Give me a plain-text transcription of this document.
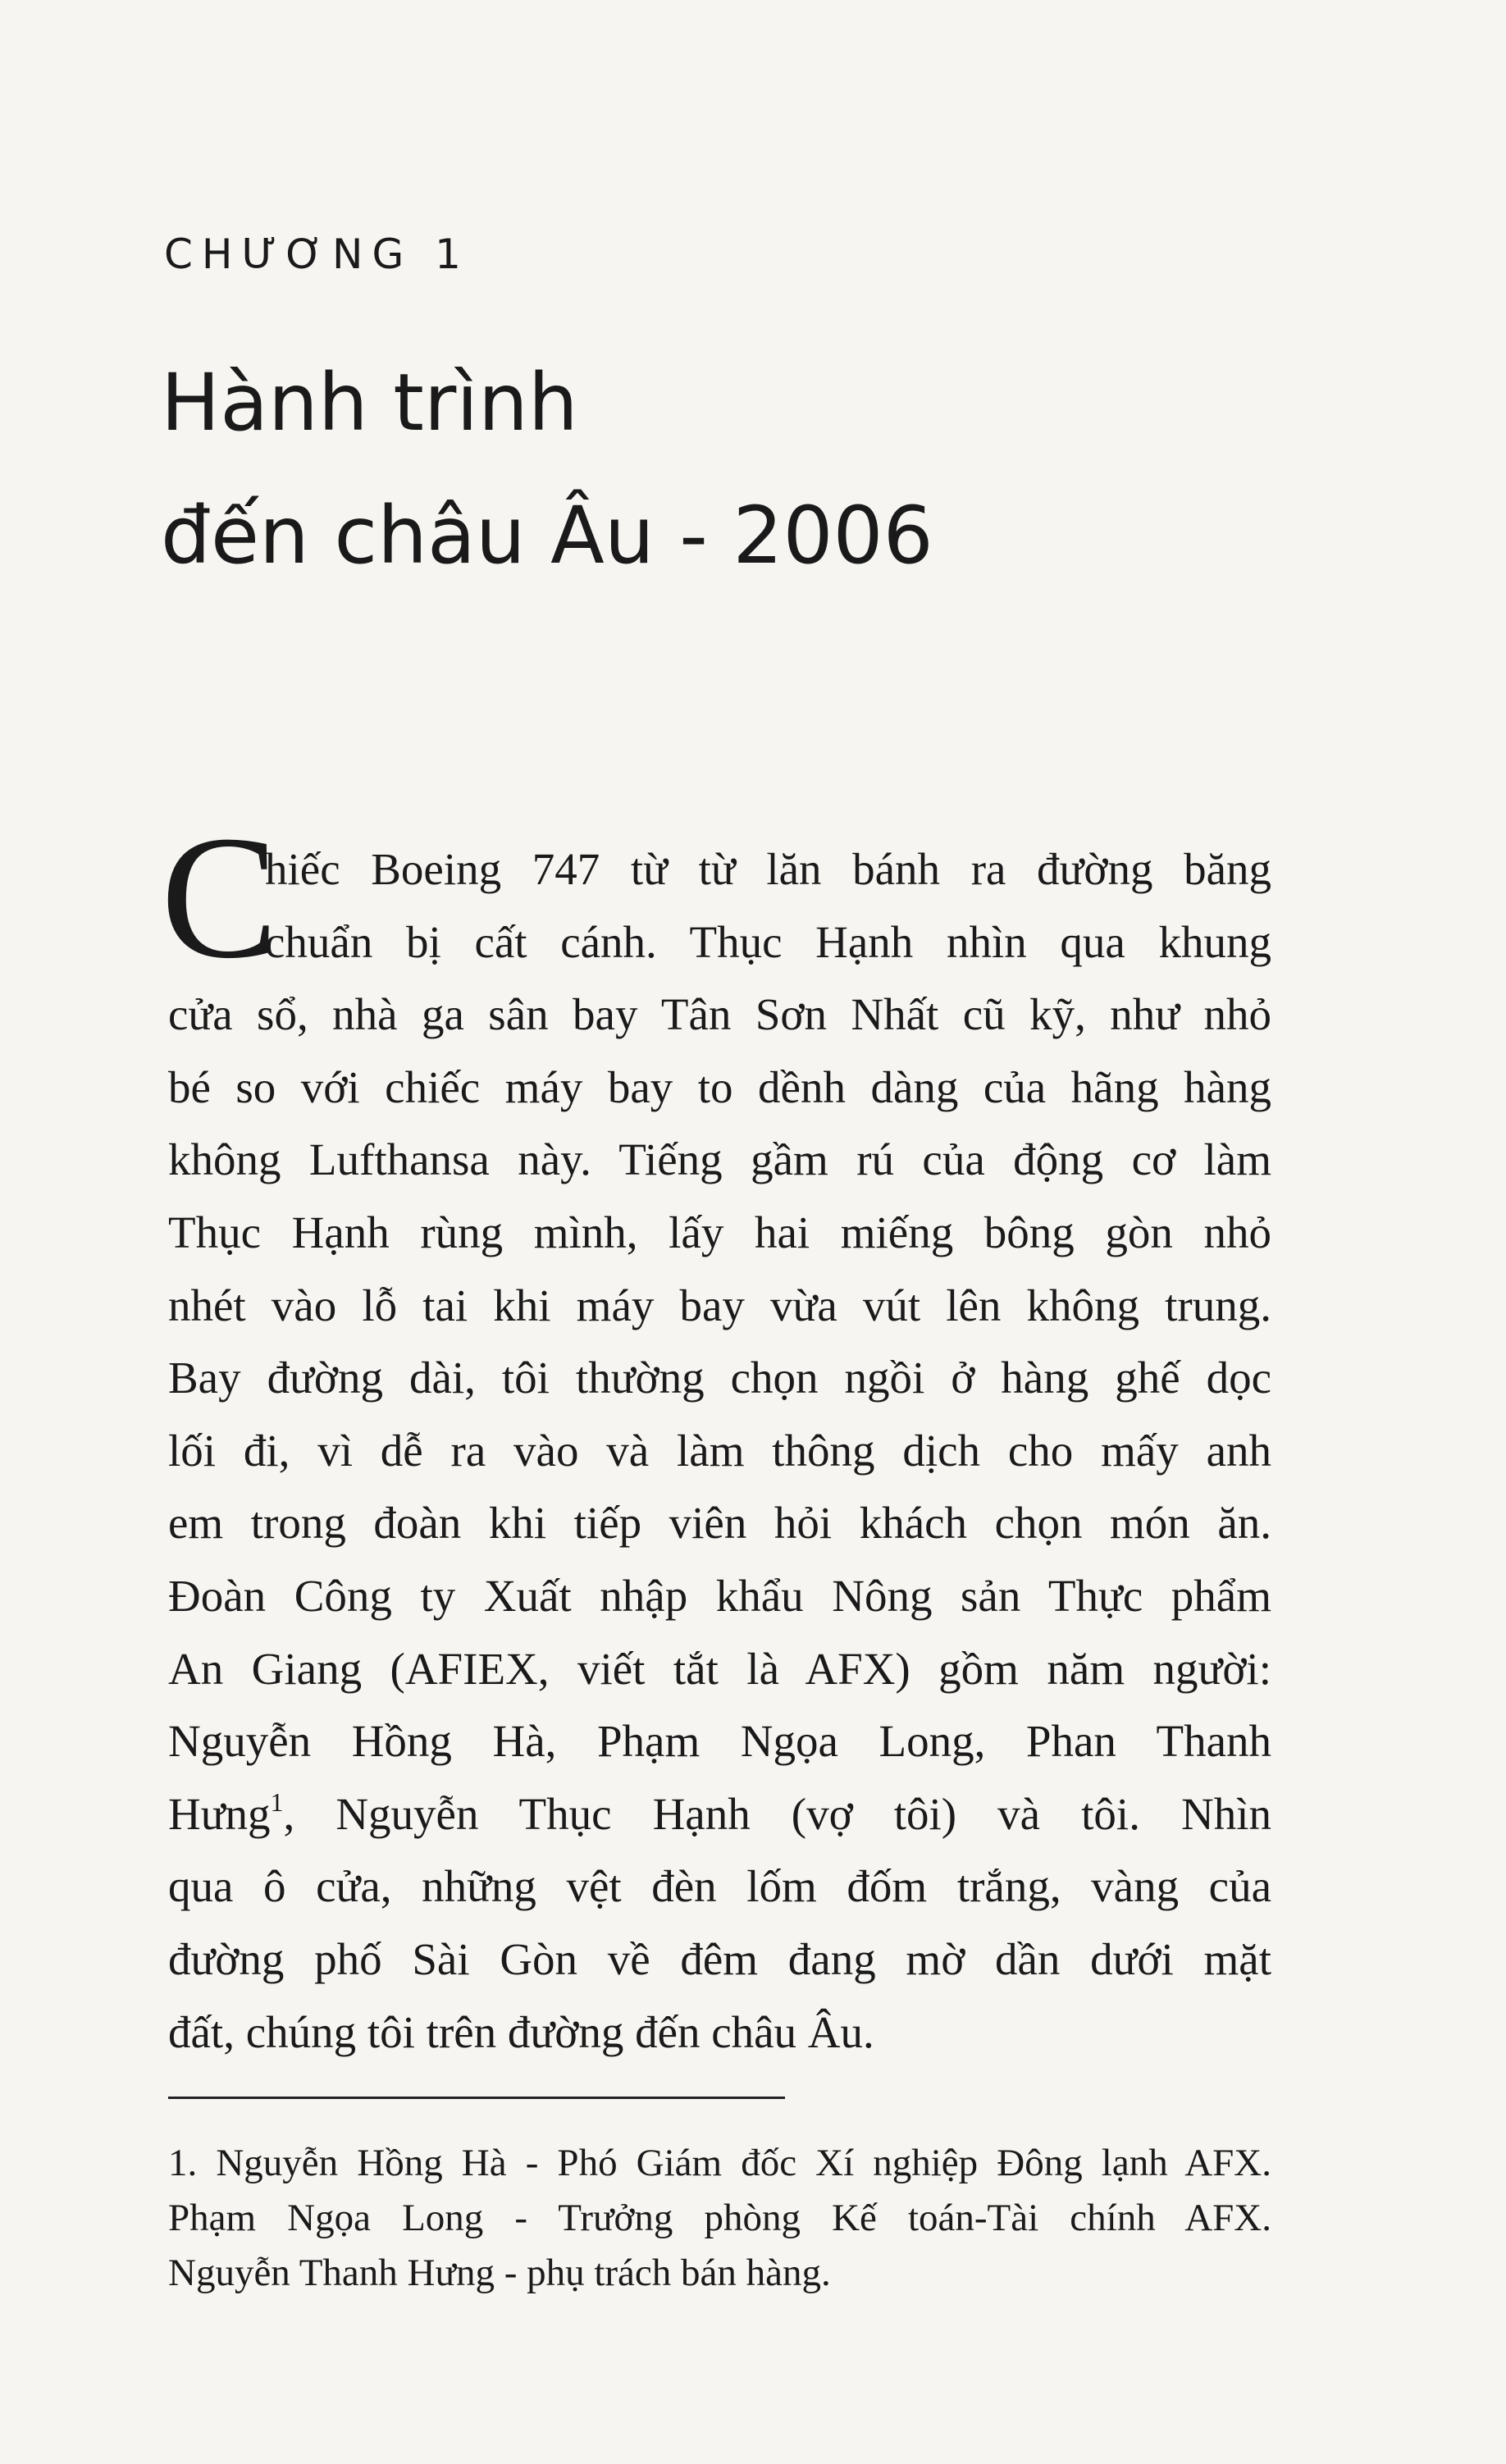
CHƯƠNG 1
Hành trình
đến châu Âu - 2006
C
hiếc Boeing 747 từ từ lăn bánh ra đường băng
chuẩn bị cất cánh. Thục Hạnh nhìn qua khung
cửa sổ, nhà ga sân bay Tân Sơn Nhất cũ kỹ, như nhỏ
bé so với chiếc máy bay to dềnh dàng của hãng hàng
không Lufthansa này. Tiếng gầm rú của động cơ làm
Thục Hạnh rùng mình, lấy hai miếng bông gòn nhỏ
nhét vào lỗ tai khi máy bay vừa vút lên không trung.
Bay đường dài, tôi thường chọn ngồi ở hàng ghế dọc
lối đi, vì dễ ra vào và làm thông dịch cho mấy anh
em trong đoàn khi tiếp viên hỏi khách chọn món ăn.
Đoàn Công ty Xuất nhập khẩu Nông sản Thực phẩm
An Giang (AFIEX, viết tắt là AFX) gồm năm người:
Nguyễn Hồng Hà, Phạm Ngọa Long, Phan Thanh
Hưng$^1$, Nguyễn Thục Hạnh (vợ tôi) và tôi. Nhìn
qua ô cửa, những vệt đèn lốm đốm trắng, vàng của
đường phố Sài Gòn về đêm đang mờ dần dưới mặt
đất, chúng tôi trên đường đến châu Âu.
1. Nguyễn Hồng Hà - Phó Giám đốc Xí nghiệp Đông lạnh AFX.
Phạm Ngọa Long - Trưởng phòng Kế toán-Tài chính AFX.
Nguyễn Thanh Hưng - phụ trách bán hàng.
